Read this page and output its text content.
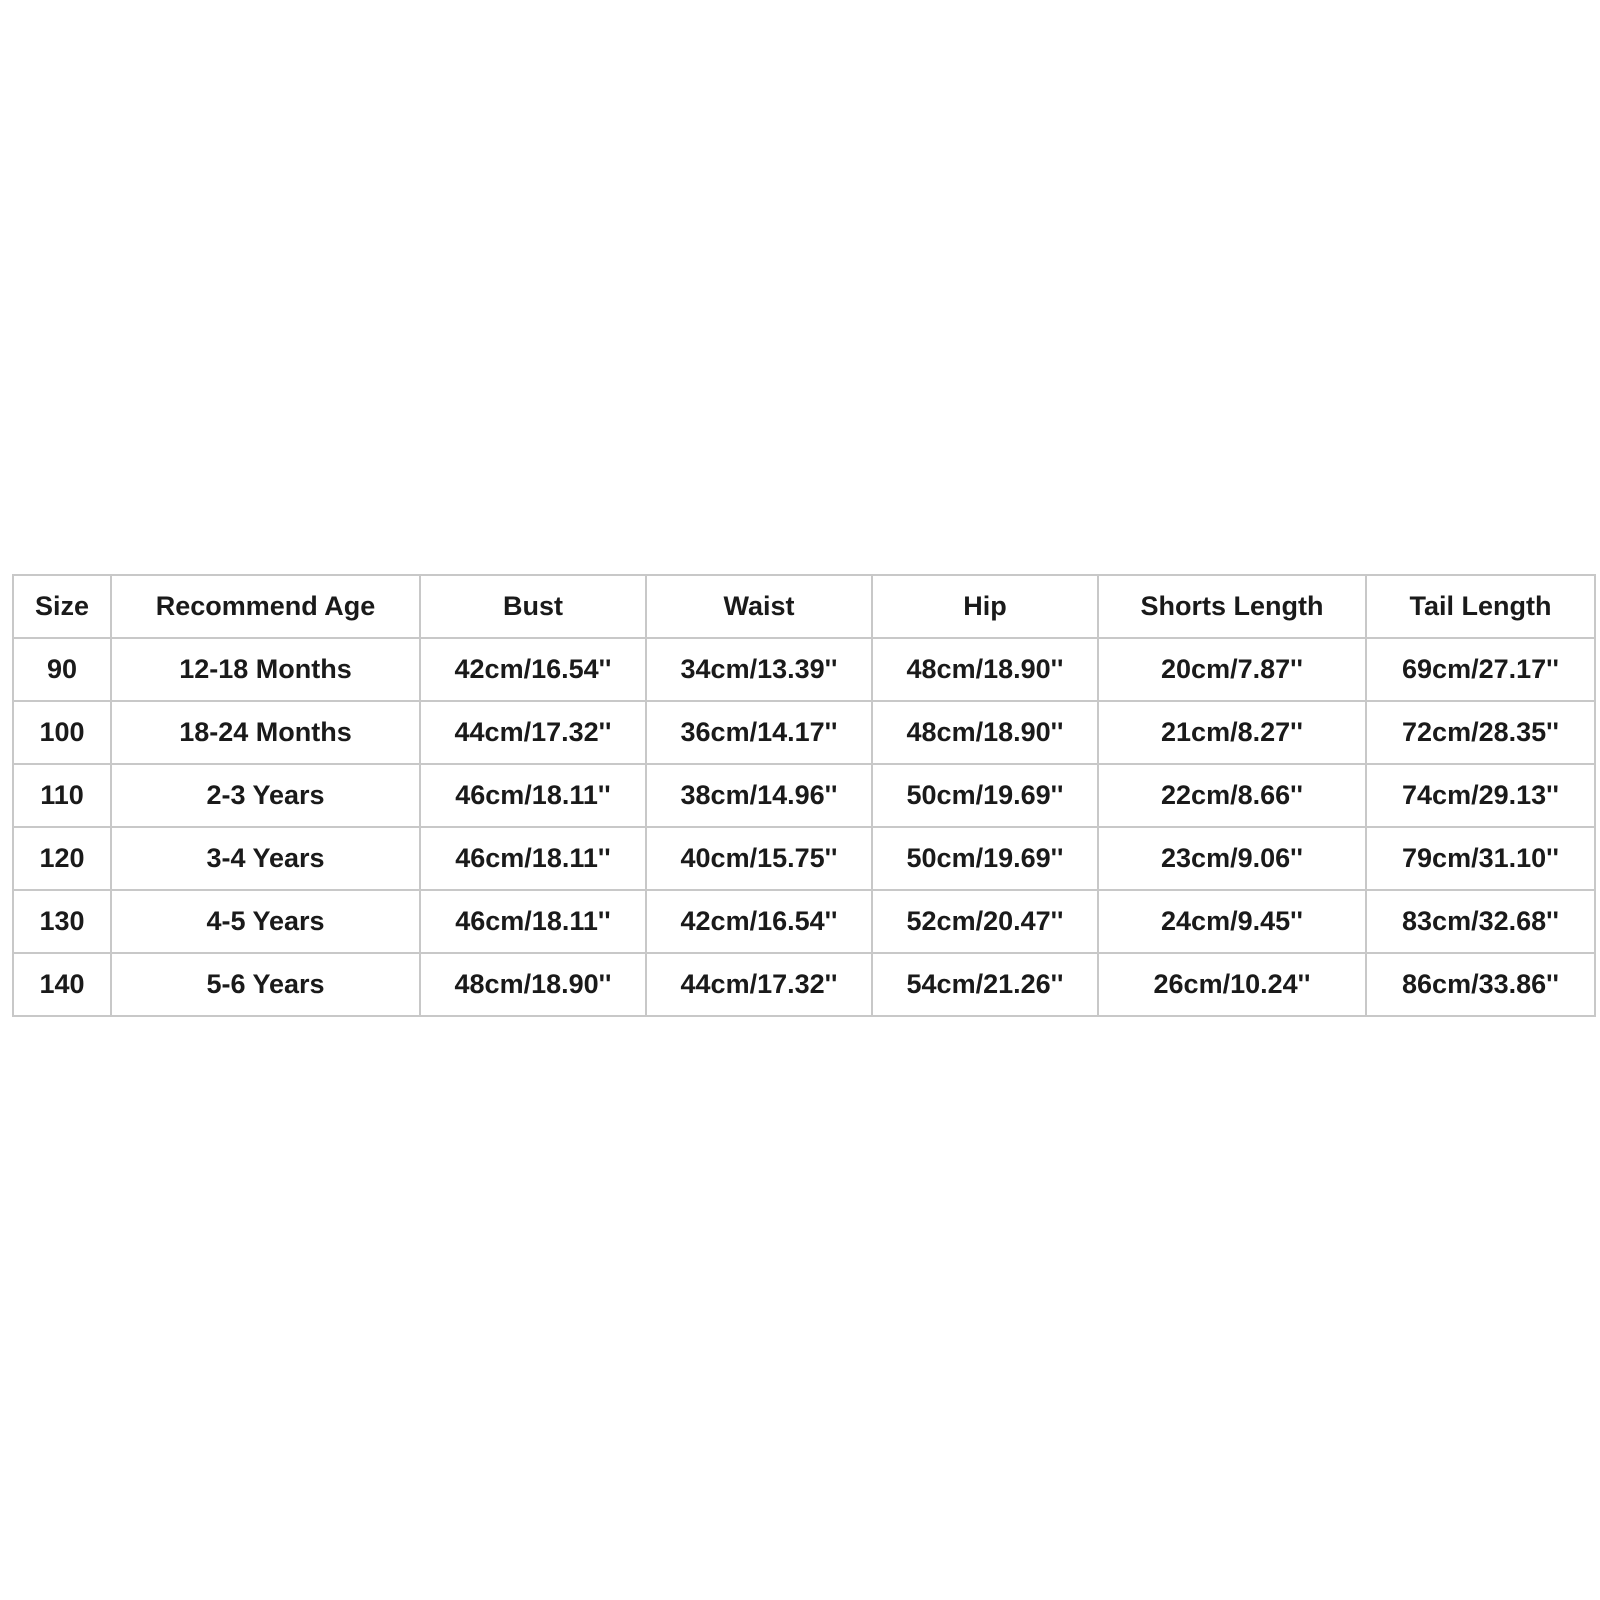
Size	Recommend Age	Bust	Waist	Hip	Shorts Length	Tail Length
90	12-18 Months	42cm/16.54''	34cm/13.39''	48cm/18.90''	20cm/7.87''	69cm/27.17''
100	18-24 Months	44cm/17.32''	36cm/14.17''	48cm/18.90''	21cm/8.27''	72cm/28.35''
110	2-3 Years	46cm/18.11''	38cm/14.96''	50cm/19.69''	22cm/8.66''	74cm/29.13''
120	3-4 Years	46cm/18.11''	40cm/15.75''	50cm/19.69''	23cm/9.06''	79cm/31.10''
130	4-5 Years	46cm/18.11''	42cm/16.54''	52cm/20.47''	24cm/9.45''	83cm/32.68''
140	5-6 Years	48cm/18.90''	44cm/17.32''	54cm/21.26''	26cm/10.24''	86cm/33.86''
